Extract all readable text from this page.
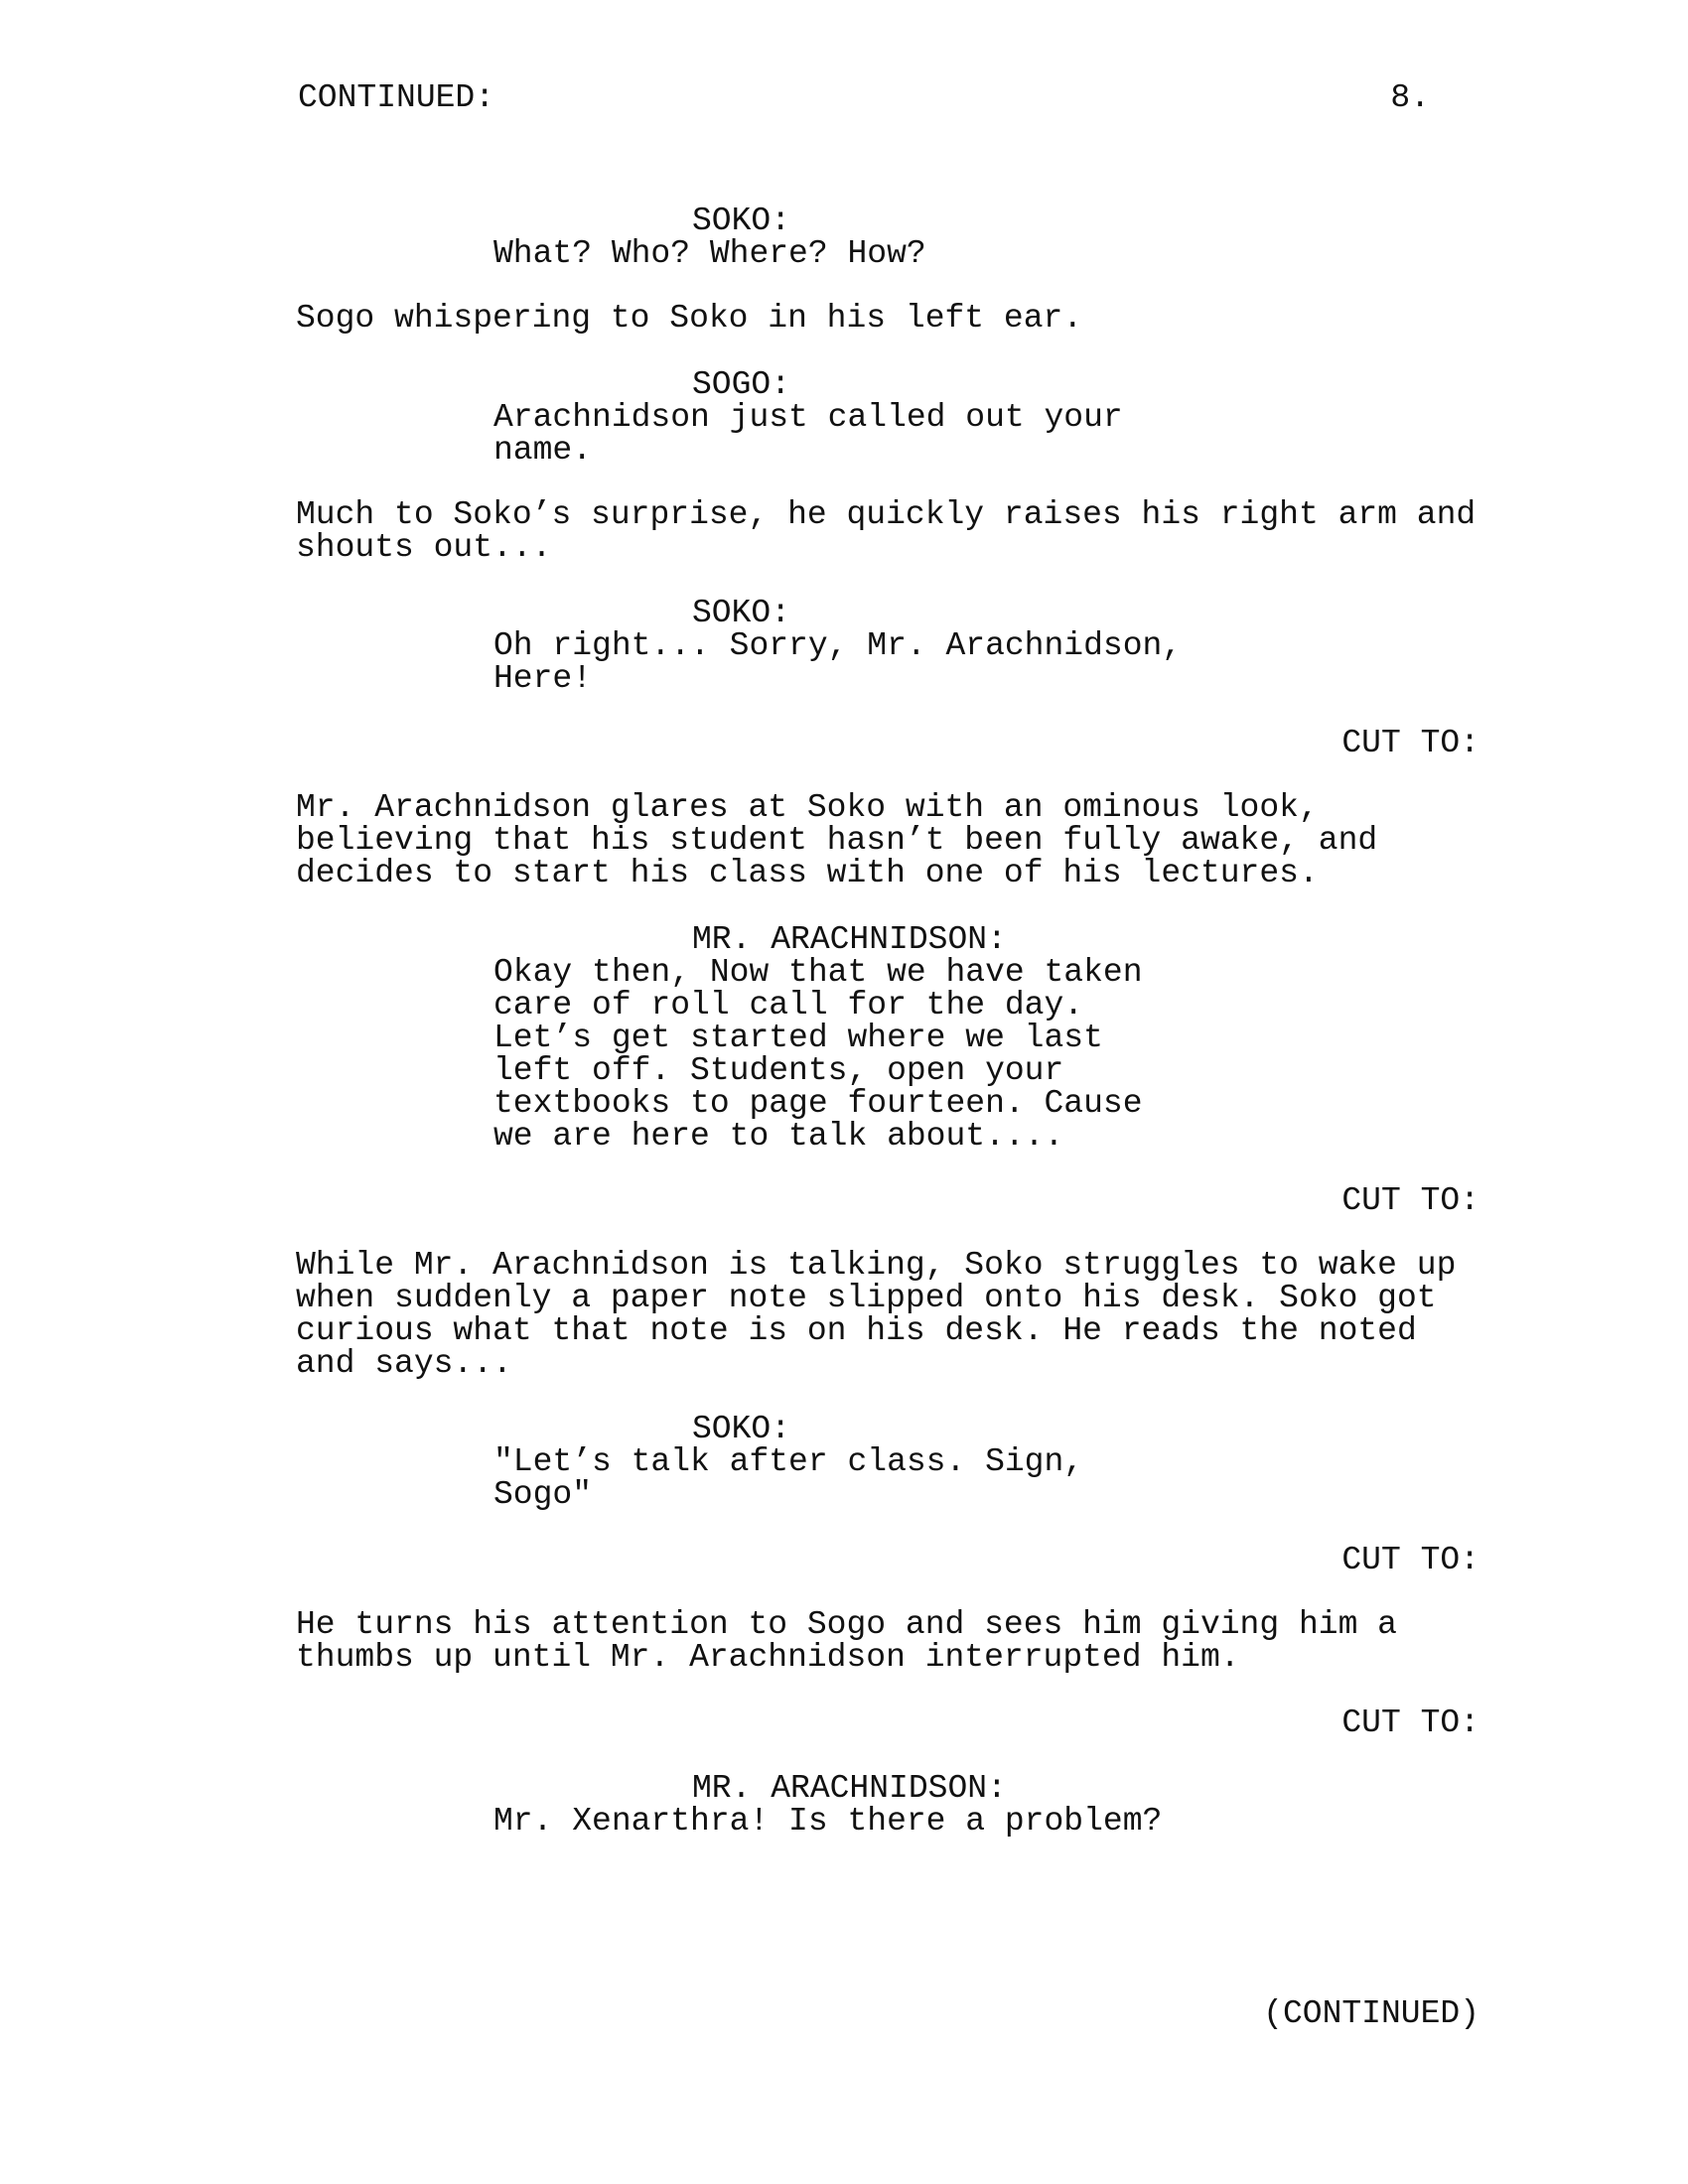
CONTINUED:	8.
SOKO:
What? Who? Where? How?
Sogo whispering to Soko in his left ear.
SOGO:
Arachnidson just called out your
name.
Much to Soko’s surprise, he quickly raises his right arm and
shouts out...
SOKO:
Oh right... Sorry, Mr. Arachnidson,
Here!
CUT TO:
Mr. Arachnidson glares at Soko with an ominous look,
believing that his student hasn’t been fully awake, and
decides to start his class with one of his lectures.
MR. ARACHNIDSON:
Okay then, Now that we have taken
care of roll call for the day.
Let’s get started where we last
left off. Students, open your
textbooks to page fourteen. Cause
we are here to talk about....
CUT TO:
While Mr. Arachnidson is talking, Soko struggles to wake up
when suddenly a paper note slipped onto his desk. Soko got
curious what that note is on his desk. He reads the noted
and says...
SOKO:
"Let’s talk after class. Sign,
Sogo"
CUT TO:
He turns his attention to Sogo and sees him giving him a
thumbs up until Mr. Arachnidson interrupted him.
CUT TO:
MR. ARACHNIDSON:
Mr. Xenarthra! Is there a problem?
(CONTINUED)
